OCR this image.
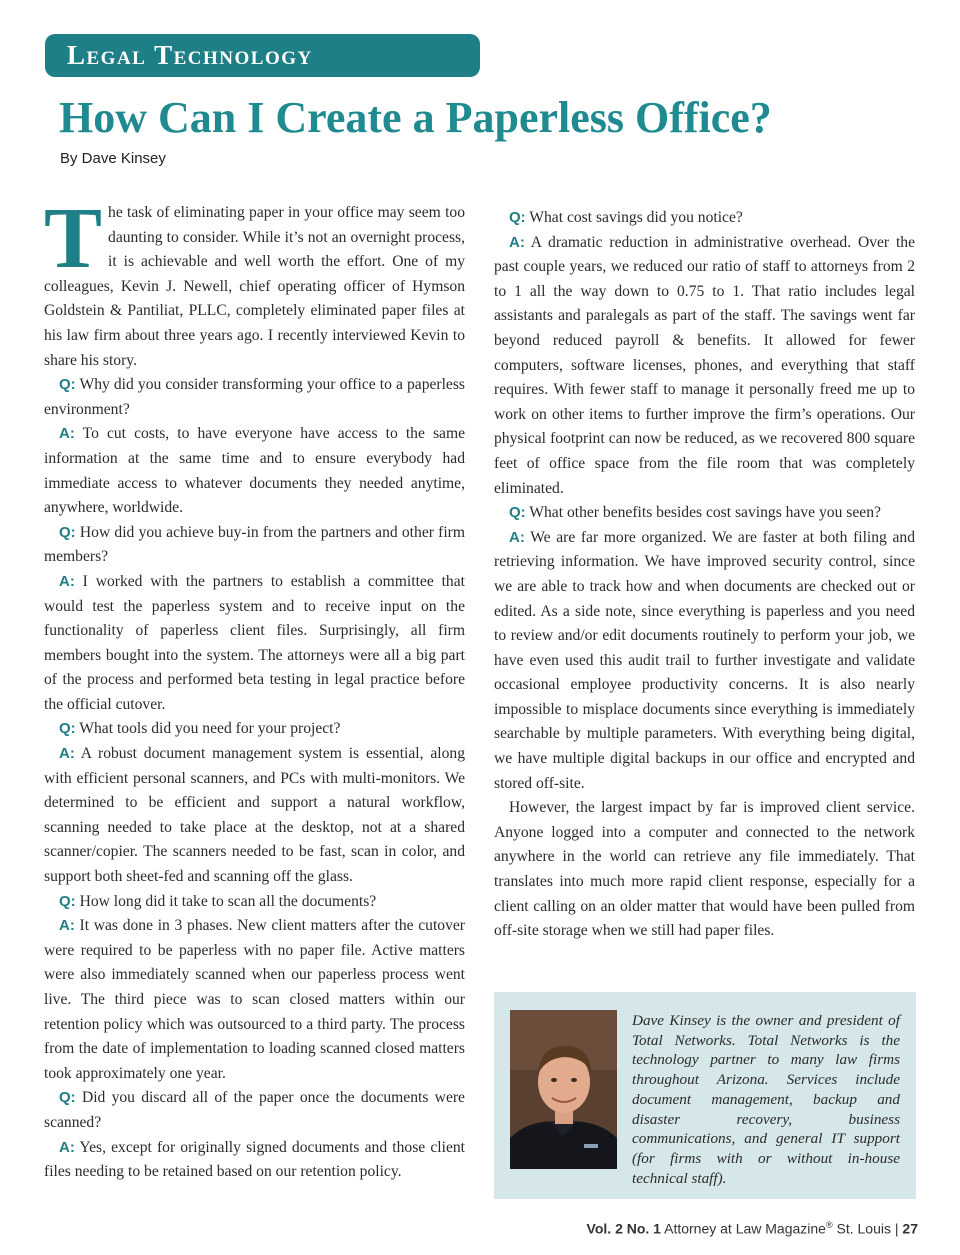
Legal Technology
How Can I Create a Paperless Office?
By Dave Kinsey

The task of eliminating paper in your office may seem too daunting to consider. While it’s not an overnight process, it is achievable and well worth the effort. One of my colleagues, Kevin J. Newell, chief operating officer of Hymson Goldstein & Pantiliat, PLLC, completely eliminated paper files at his law firm about three years ago. I recently interviewed Kevin to share his story.

Q: Why did you consider transforming your office to a paperless environment?

A: To cut costs, to have everyone have access to the same information at the same time and to ensure everybody had immediate access to whatever documents they needed anytime, anywhere, worldwide.

Q: How did you achieve buy-in from the partners and other firm members?

A: I worked with the partners to establish a committee that would test the paperless system and to receive input on the functionality of paperless client files. Surprisingly, all firm members bought into the system. The attorneys were all a big part of the process and performed beta testing in legal practice before the official cutover.

Q: What tools did you need for your project?

A: A robust document management system is essential, along with efficient personal scanners, and PCs with multi-monitors. We determined to be efficient and support a natural workflow, scanning needed to take place at the desktop, not at a shared scanner/copier. The scanners needed to be fast, scan in color, and support both sheet-fed and scanning off the glass.

Q: How long did it take to scan all the documents?

A: It was done in 3 phases. New client matters after the cutover were required to be paperless with no paper file. Active matters were also immediately scanned when our paperless process went live. The third piece was to scan closed matters within our retention policy which was outsourced to a third party. The process from the date of implementation to loading scanned closed matters took approximately one year.

Q: Did you discard all of the paper once the documents were scanned?

A: Yes, except for originally signed documents and those client files needing to be retained based on our retention policy.

Q: What cost savings did you notice?

A: A dramatic reduction in administrative overhead. Over the past couple years, we reduced our ratio of staff to attorneys from 2 to 1 all the way down to 0.75 to 1. That ratio includes legal assistants and paralegals as part of the staff. The savings went far beyond reduced payroll & benefits. It allowed for fewer computers, software licenses, phones, and everything that staff requires. With fewer staff to manage it personally freed me up to work on other items to further improve the firm’s operations. Our physical footprint can now be reduced, as we recovered 800 square feet of office space from the file room that was completely eliminated.

Q: What other benefits besides cost savings have you seen?

A: We are far more organized. We are faster at both filing and retrieving information. We have improved security control, since we are able to track how and when documents are checked out or edited. As a side note, since everything is paperless and you need to review and/or edit documents routinely to perform your job, we have even used this audit trail to further investigate and validate occasional employee productivity concerns. It is also nearly impossible to misplace documents since everything is immediately searchable by multiple parameters. With everything being digital, we have multiple digital backups in our office and encrypted and stored off-site.

However, the largest impact by far is improved client service. Anyone logged into a computer and connected to the network anywhere in the world can retrieve any file immediately. That translates into much more rapid client response, especially for a client calling on an older matter that would have been pulled from off-site storage when we still had paper files.

Dave Kinsey is the owner and president of Total Networks. Total Networks is the technology partner to many law firms throughout Arizona. Services include document management, backup and disaster recovery, business communications, and general IT support (for firms with or without in-house technical staff).
Vol. 2 No. 1 Attorney at Law Magazine® St. Louis | 27
